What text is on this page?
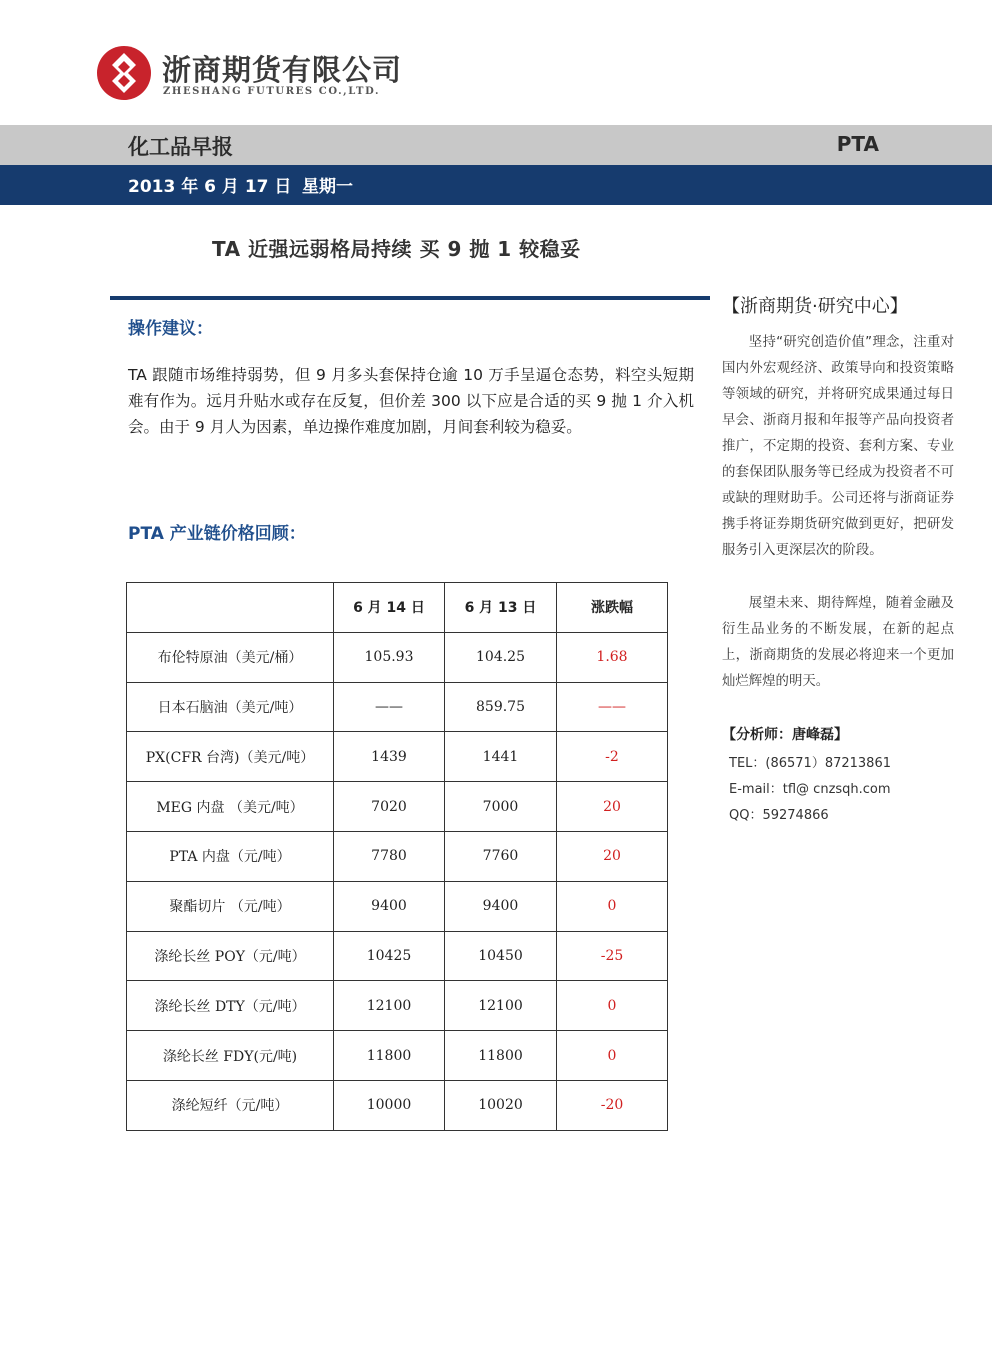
浙商期货有限公司
ZHESHANG FUTURES CO.,LTD.
化工品早报	PTA
2013 年 6 月 17 日 星期一
TA 近强远弱格局持续 买 9 抛 1 较稳妥
操作建议：
TA 跟随市场维持弱势，但 9 月多头套保持仓逾 10 万手呈逼仓态势，料空头短期难有作为。远月升贴水或存在反复，但价差 300 以下应是合适的买 9 抛 1 介入机会。由于 9 月人为因素，单边操作难度加剧，月间套利较为稳妥。
PTA 产业链价格回顾：
	6 月 14 日	6 月 13 日	涨跌幅
布伦特原油（美元/桶）	105.93	104.25	1.68
日本石脑油（美元/吨）	——	859.75	——
PX(CFR 台湾)（美元/吨）	1439	1441	-2
MEG 内盘 （美元/吨）	7020	7000	20
PTA 内盘（元/吨）	7780	7760	20
聚酯切片 （元/吨）	9400	9400	0
涤纶长丝 POY（元/吨）	10425	10450	-25
涤纶长丝 DTY（元/吨）	12100	12100	0
涤纶长丝 FDY(元/吨)	11800	11800	0
涤纶短纤（元/吨）	10000	10020	-20
【浙商期货·研究中心】
坚持“研究创造价值”理念，注重对国内外宏观经济、政策导向和投资策略等领域的研究，并将研究成果通过每日早会、浙商月报和年报等产品向投资者推广，不定期的投资、套利方案、专业的套保团队服务等已经成为投资者不可或缺的理财助手。公司还将与浙商证券携手将证券期货研究做到更好，把研发服务引入更深层次的阶段。
展望未来、期待辉煌，随着金融及衍生品业务的不断发展，在新的起点上，浙商期货的发展必将迎来一个更加灿烂辉煌的明天。
【分析师：唐峰磊】
TEL：(86571）87213861
E-mail：tfl@ cnzsqh.com
QQ：59274866
